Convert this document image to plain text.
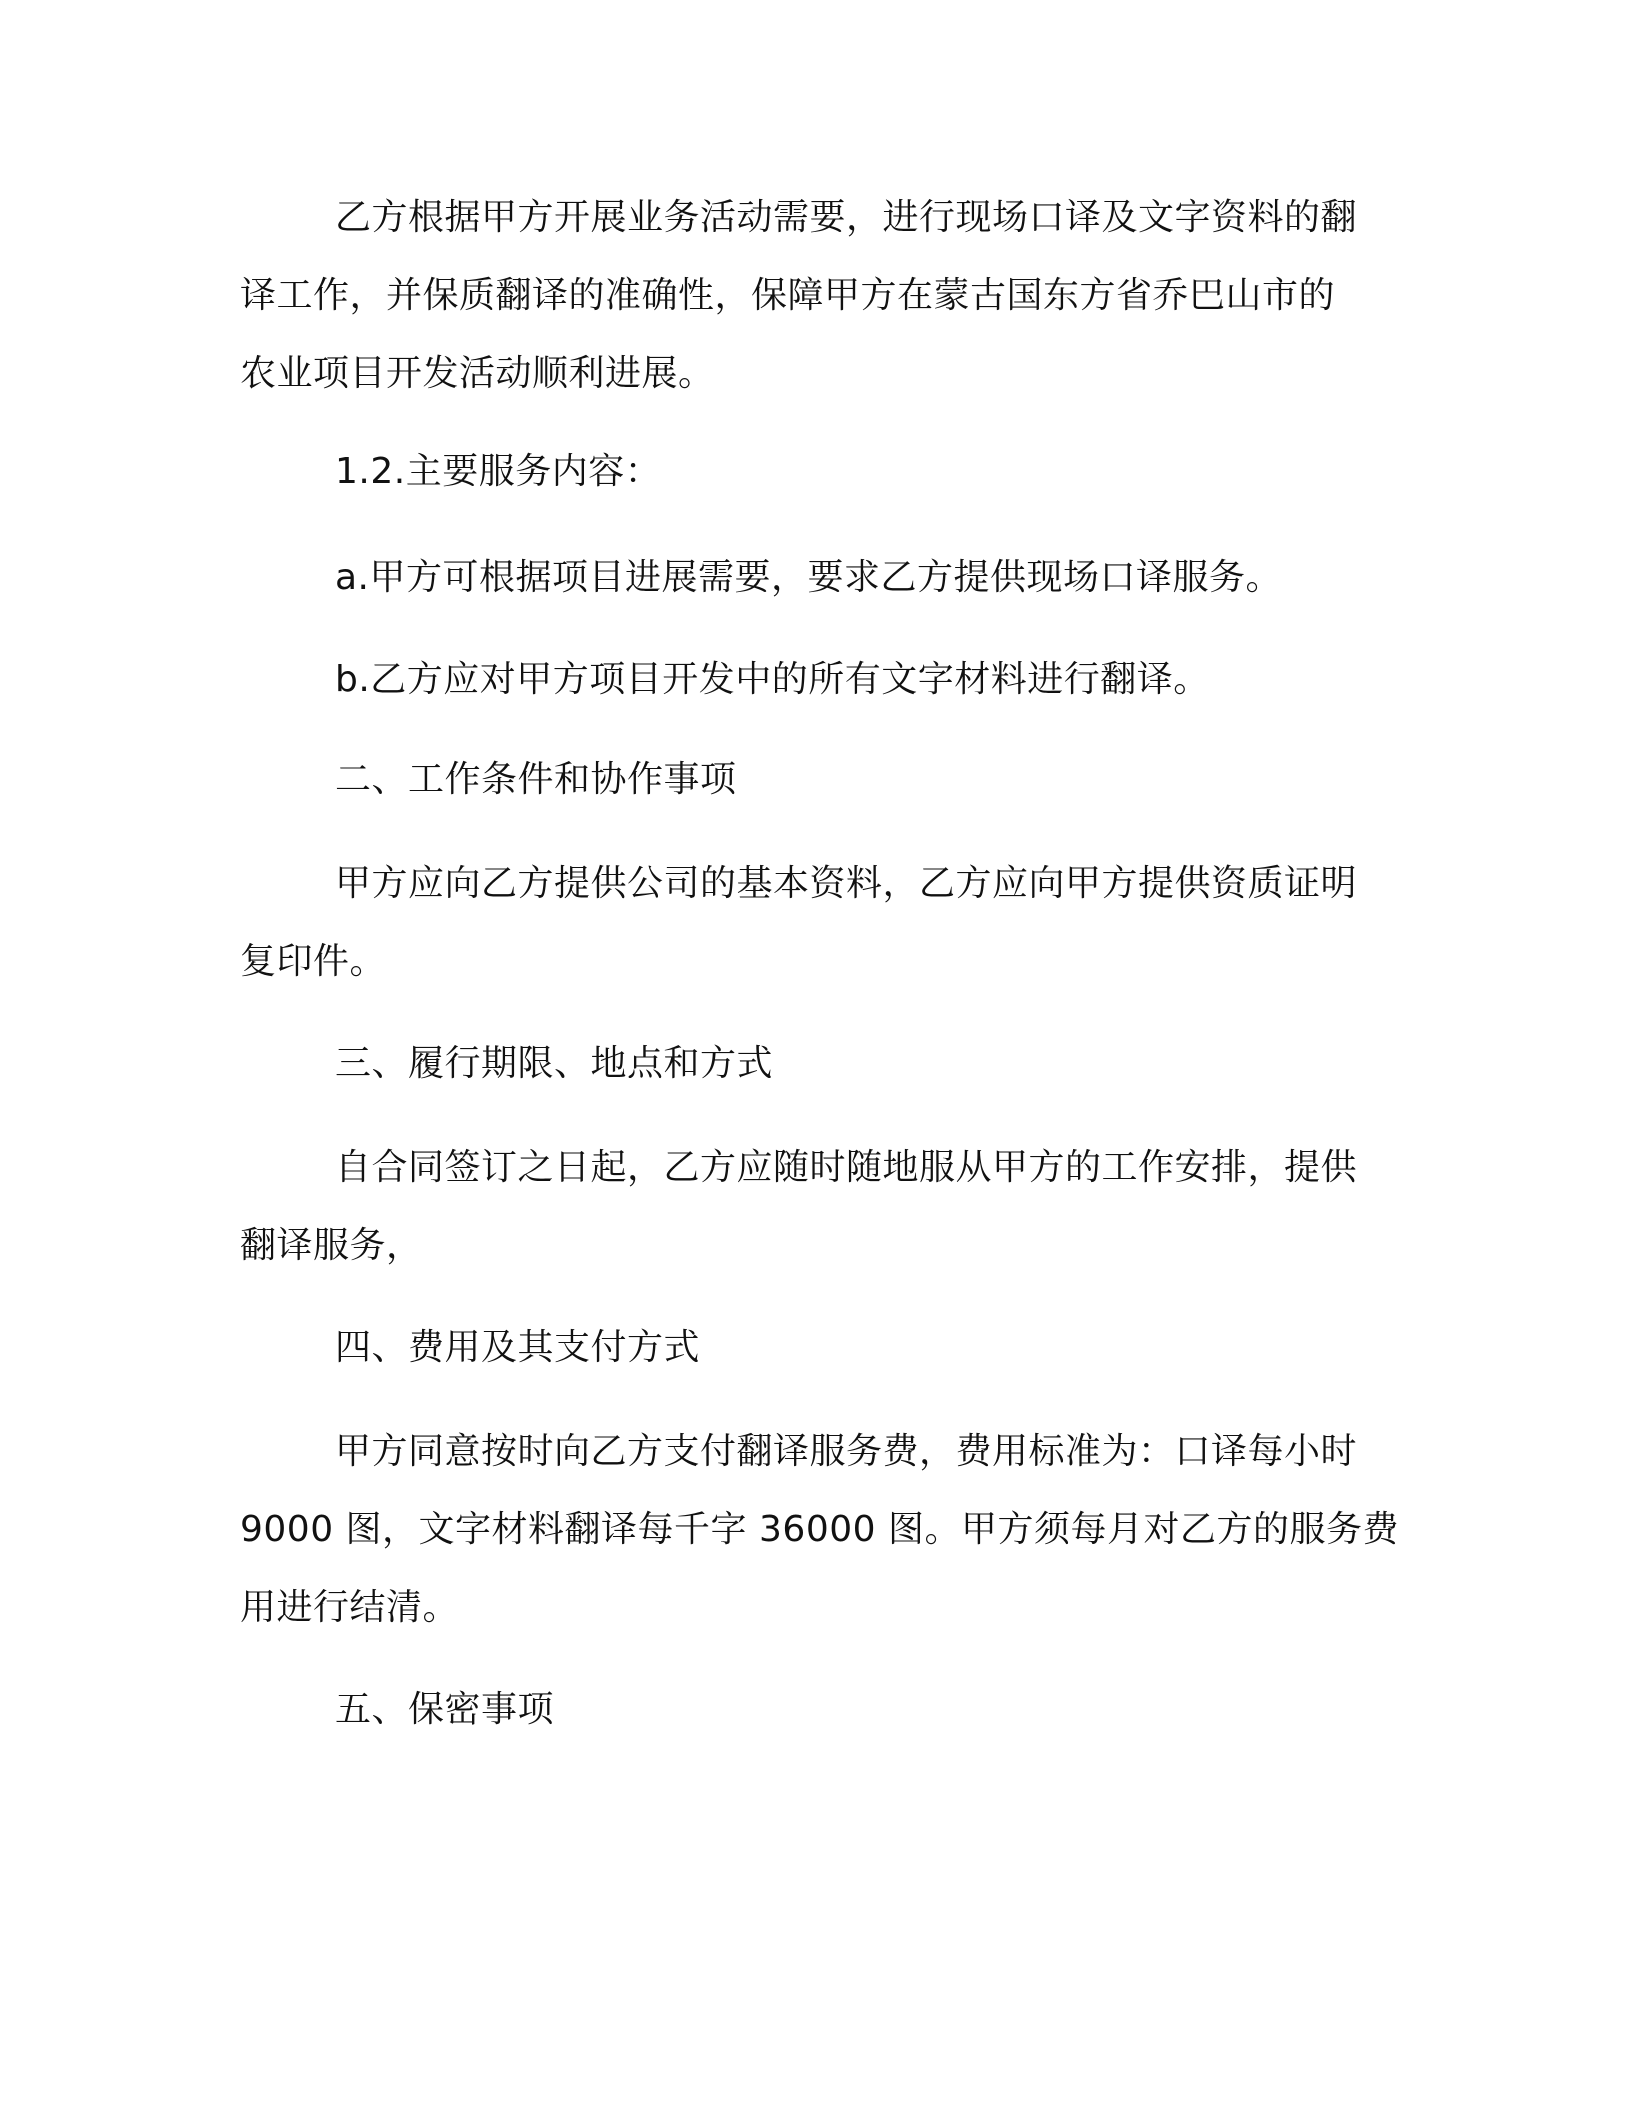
乙方根据甲方开展业务活动需要，进行现场口译及文字资料的翻
译工作，并保质翻译的准确性，保障甲方在蒙古国东方省乔巴山市的
农业项目开发活动顺利进展。
1.2.主要服务内容：
a.甲方可根据项目进展需要，要求乙方提供现场口译服务。
b.乙方应对甲方项目开发中的所有文字材料进行翻译。
二、工作条件和协作事项
甲方应向乙方提供公司的基本资料，乙方应向甲方提供资质证明
复印件。
三、履行期限、地点和方式
自合同签订之日起，乙方应随时随地服从甲方的工作安排，提供
翻译服务，
四、费用及其支付方式
甲方同意按时向乙方支付翻译服务费，费用标准为：口译每小时
9000 图，文字材料翻译每千字 36000 图。甲方须每月对乙方的服务费
用进行结清。
五、保密事项
